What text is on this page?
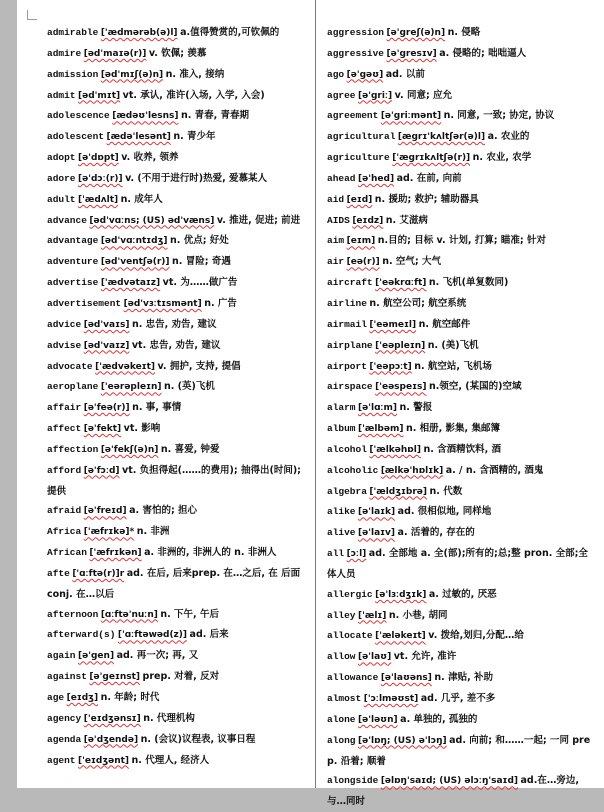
admirable ['ædmərəb(ə)l] a.值得赞赏的,可钦佩的
admire [əd'maɪə(r)] v. 钦佩; 羡慕
admission [əd'mɪʃ(ə)n] n. 准入, 接纳
admit [əd'mɪt] vt. 承认, 准许(入场, 入学, 入会)
adolescence [ædəʊ'lesns] n. 青春, 青春期
adolescent [ædə'lesənt] n. 青少年
adopt [ə'dɒpt] v. 收养, 领养
adore [ə'dɔː(r)] v. (不用于进行时)热爱, 爱慕某人
adult ['ædʌlt] n. 成年人
advance [əd'vɑːns; (US) əd'væns] v. 推进, 促进; 前进
advantage [əd'vɑːntɪdʒ] n. 优点; 好处
adventure [əd'ventʃə(r)] n. 冒险; 奇遇
advertise ['ædvətaɪz] vt. 为……做广告
advertisement [əd'vɜːtɪsmənt] n. 广告
advice [əd'vaɪs] n. 忠告, 劝告, 建议
advise [əd'vaɪz] vt. 忠告, 劝告, 建议
advocate ['ædvəkeɪt] v. 拥护, 支持, 提倡
aeroplane ['eərəpleɪn] n. (英)飞机
affair [ə'feə(r)] n. 事, 事情
affect [ə'fekt] vt. 影响
affection [ə'fekʃ(ə)n] n. 喜爱, 钟爱
afford [ə'fɔːd] vt. 负担得起(……的费用); 抽得出(时间); 提供
afraid [ə'freɪd] a. 害怕的; 担心
Africa ['æfrɪkə]* n. 非洲
African ['æfrɪkən] a. 非洲的, 非洲人的 n. 非洲人
afte ['ɑːftə(r)]r ad. 在后, 后来prep. 在…之后, 在 后面 conj. 在…以后
afternoon [ɑːftə'nuːn] n. 下午, 午后
afterward(s) ['ɑːftəwəd(z)] ad. 后来
again [ə'gen] ad. 再一次; 再, 又
against [ə'geɪnst] prep. 对着, 反对
age [eɪdʒ] n. 年龄; 时代
agency ['eɪdʒənsɪ] n. 代理机构
agenda [ə'dʒendə] n. (会议)议程表, 议事日程
agent ['eɪdʒənt] n. 代理人, 经济人
aggression [ə'greʃ(ə)n] n. 侵略
aggressive [ə'gresɪv] a. 侵略的; 咄咄逼人
ago [ə'gəʊ] ad. 以前
agree [ə'griː] v. 同意; 应允
agreement [ə'griːmənt] n. 同意, 一致; 协定, 协议
agricultural [ægrɪ'kʌltʃər(ə)l] a. 农业的
agriculture ['ægrɪkʌltʃə(r)] n. 农业, 农学
ahead [ə'hed] ad. 在前, 向前
aid [eɪd] n. 援助; 救护; 辅助器具
AIDS [eɪdz] n. 艾滋病
aim [eɪm] n.目的; 目标 v. 计划, 打算; 瞄准; 针对
air [eə(r)] n. 空气; 大气
aircraft ['eəkrɑːft] n. 飞机(单复数同)
airline n. 航空公司; 航空系统
airmail ['eəmeɪl] n. 航空邮件
airplane ['eəpleɪn] n. (美)飞机
airport ['eəpɔːt] n. 航空站, 飞机场
airspace ['eəspeɪs] n.领空, (某国的)空域
alarm [ə'lɑːm] n. 警报
album ['ælbəm] n. 相册, 影集, 集邮簿
alcohol ['ælkəhɒl] n. 含酒精饮料, 酒
alcoholic [ælkə'hɒlɪk] a. / n. 含酒精的, 酒鬼
algebra ['ældʒɪbrə] n. 代数
alike [ə'laɪk] ad. 很相似地, 同样地
alive [ə'laɪv] a. 活着的, 存在的
all [ɔːl] ad. 全部地 a. 全(部);所有的;总;整 pron. 全部;全体人员
allergic [ə'lɜːdʒɪk] a. 过敏的, 厌恶
alley ['ælɪ] n. 小巷, 胡同
allocate ['æləkeɪt] v. 拨给,划归,分配…给
allow [ə'laʊ] vt. 允许, 准许
allowance [ə'laʊəns] n. 津贴, 补助
almost ['ɔːlməʊst] ad. 几乎, 差不多
alone [ə'ləʊn] a. 单独的, 孤独的
along [ə'lɒŋ; (US) ə'lɔŋ] ad. 向前; 和……一起; 一同 prep. 沿着; 顺着
alongside [əlɒŋ'saɪd; (US) əlɔːŋ'saɪd] ad.在…旁边,与…同时
